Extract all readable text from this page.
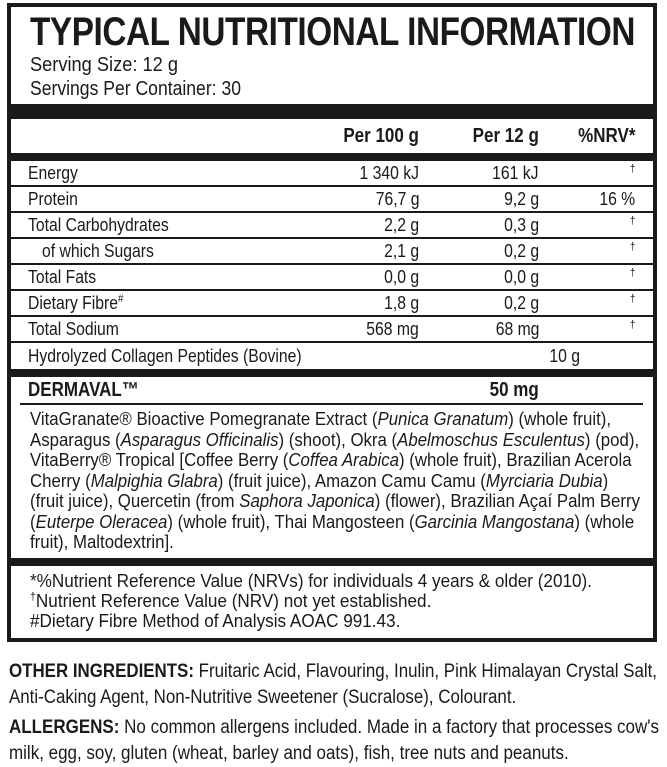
TYPICAL NUTRITIONAL INFORMATION
Serving Size: 12 g
Servings Per Container: 30
Per 100 g	Per 12 g	%NRV*
Energy	1 340 kJ	161 kJ	†
Protein	76,7 g	9,2 g	16 %
Total Carbohydrates	2,2 g	0,3 g	†
of which Sugars	2,1 g	0,2 g	†
Total Fats	0,0 g	0,0 g	†
Dietary Fibre#	1,8 g	0,2 g	†
Total Sodium	568 mg	68 mg	†
Hydrolyzed Collagen Peptides (Bovine)	10 g
DERMAVAL™	50 mg
VitaGranate® Bioactive Pomegranate Extract (Punica Granatum) (whole fruit),
Asparagus (Asparagus Officinalis) (shoot), Okra (Abelmoschus Esculentus) (pod),
VitaBerry® Tropical [Coffee Berry (Coffea Arabica) (whole fruit), Brazilian Acerola
Cherry (Malpighia Glabra) (fruit juice), Amazon Camu Camu (Myrciaria Dubia)
(fruit juice), Quercetin (from Saphora Japonica) (flower), Brazilian Açaí Palm Berry
(Euterpe Oleracea) (whole fruit), Thai Mangosteen (Garcinia Mangostana) (whole
fruit), Maltodextrin].
*%Nutrient Reference Value (NRVs) for individuals 4 years & older (2010).
†Nutrient Reference Value (NRV) not yet established.
#Dietary Fibre Method of Analysis AOAC 991.43.

OTHER INGREDIENTS: Fruitaric Acid, Flavouring, Inulin, Pink Himalayan Crystal Salt,
Anti-Caking Agent, Non-Nutritive Sweetener (Sucralose), Colourant.

ALLERGENS: No common allergens included. Made in a factory that processes cow's
milk, egg, soy, gluten (wheat, barley and oats), fish, tree nuts and peanuts.
